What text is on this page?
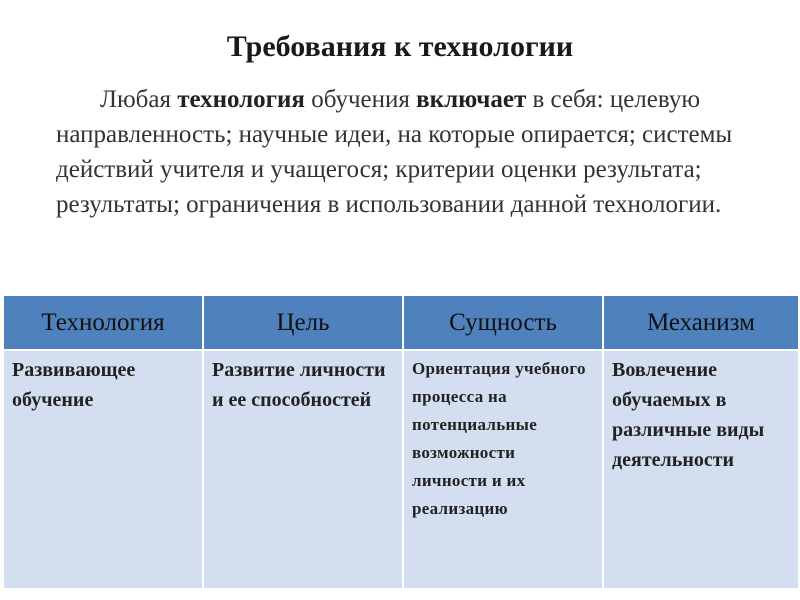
Требования к технологии
Любая технология обучения включает в себя: целевую направленность; научные идеи, на которые опирается; системы действий учителя и учащегося; критерии оценки результата; результаты; ограничения в использовании данной технологии.
Технология	Цель	Сущность	Механизм
Развивающее обучение	Развитие личности и ее способностей	Ориентация учебного процесса на потенциальные возможности личности и их реализацию	Вовлечение обучаемых в различные виды деятельности
